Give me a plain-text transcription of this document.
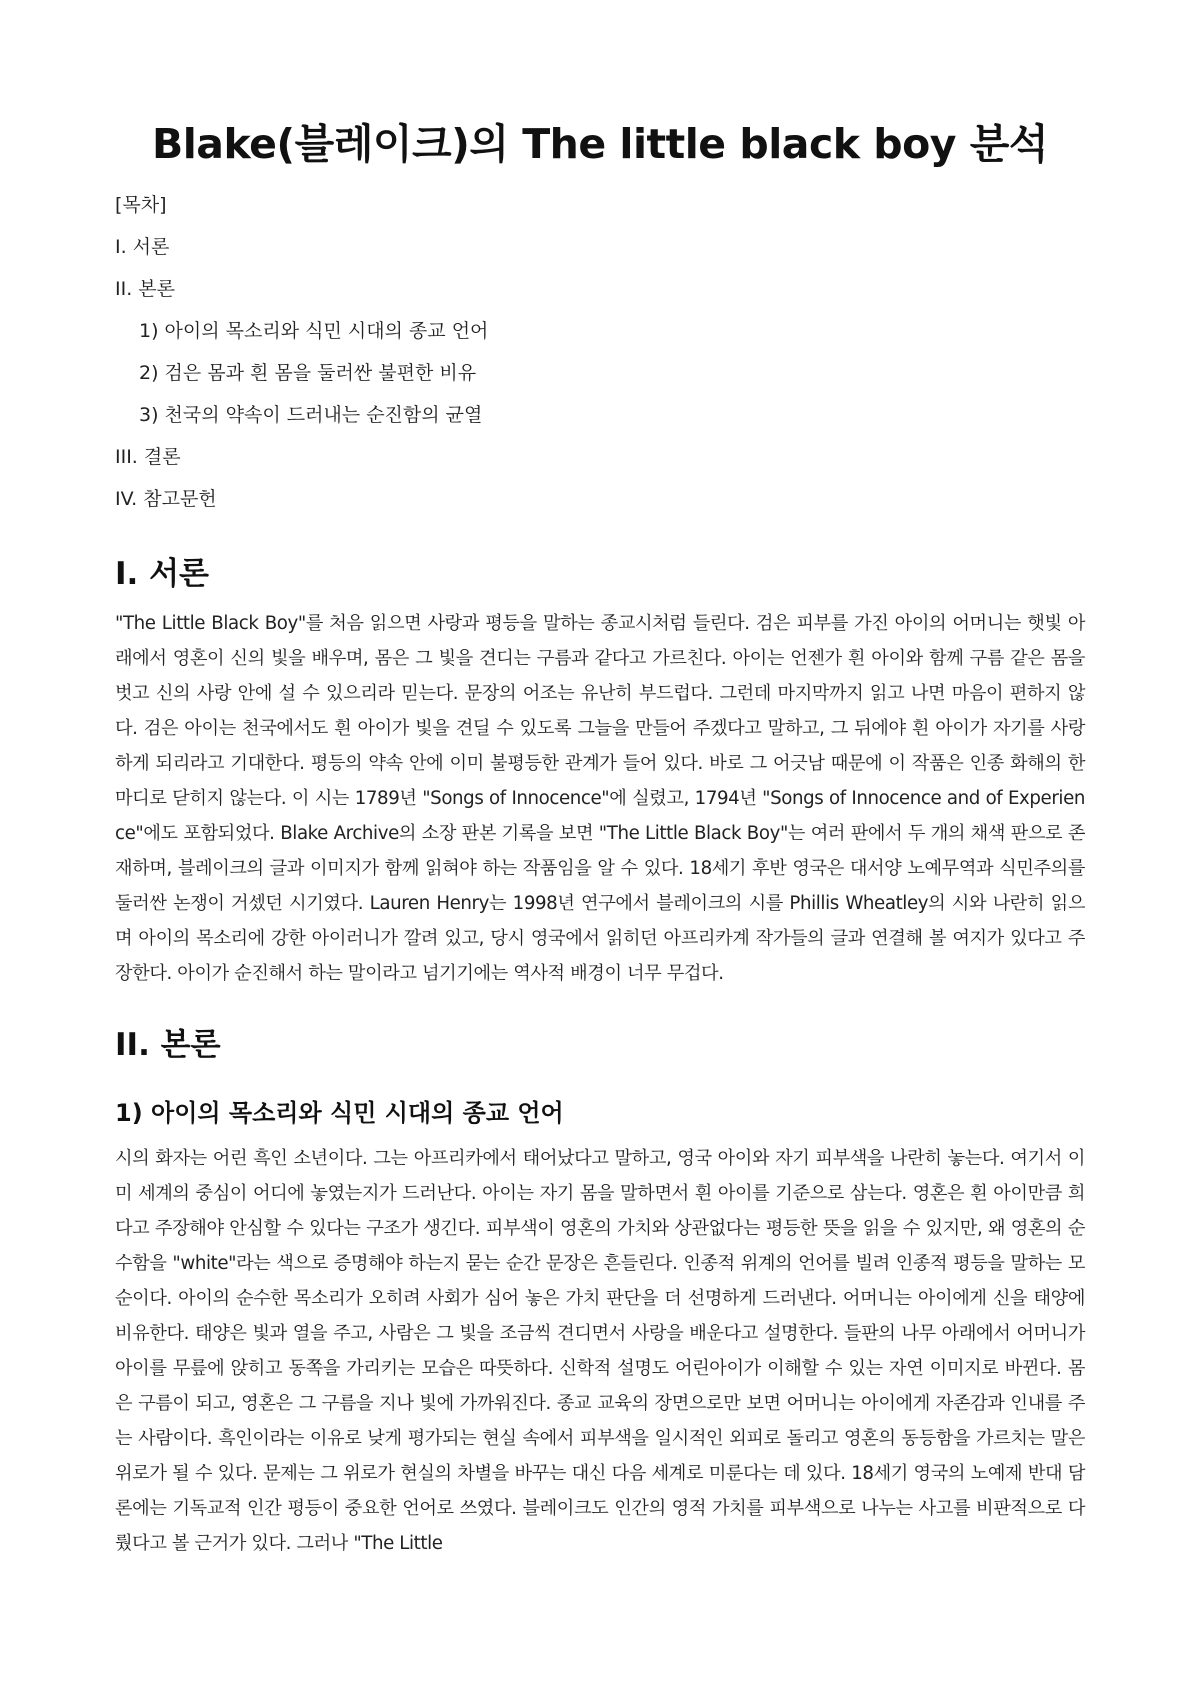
Blake(블레이크)의 The little black boy 분석
[목차]
I. 서론
II. 본론
1) 아이의 목소리와 식민 시대의 종교 언어
2) 검은 몸과 흰 몸을 둘러싼 불편한 비유
3) 천국의 약속이 드러내는 순진함의 균열
III. 결론
IV. 참고문헌
I. 서론

"The Little Black Boy"를 처음 읽으면 사랑과 평등을 말하는 종교시처럼 들린다. 검은 피부를 가진 아이의 어머니는 햇빛 아래에서 영혼이 신의 빛을 배우며, 몸은 그 빛을 견디는 구름과 같다고 가르친다. 아이는 언젠가 흰 아이와 함께 구름 같은 몸을 벗고 신의 사랑 안에 설 수 있으리라 믿는다. 문장의 어조는 유난히 부드럽다. 그런데 마지막까지 읽고 나면 마음이 편하지 않다. 검은 아이는 천국에서도 흰 아이가 빛을 견딜 수 있도록 그늘을 만들어 주겠다고 말하고, 그 뒤에야 흰 아이가 자기를 사랑하게 되리라고 기대한다. 평등의 약속 안에 이미 불평등한 관계가 들어 있다. 바로 그 어긋남 때문에 이 작품은 인종 화해의 한마디로 닫히지 않는다. 이 시는 1789년 "Songs of Innocence"에 실렸고, 1794년 "Songs of Innocence and of Experience"에도 포함되었다. Blake Archive의 소장 판본 기록을 보면 "The Little Black Boy"는 여러 판에서 두 개의 채색 판으로 존재하며, 블레이크의 글과 이미지가 함께 읽혀야 하는 작품임을 알 수 있다. 18세기 후반 영국은 대서양 노예무역과 식민주의를 둘러싼 논쟁이 거셌던 시기였다. Lauren Henry는 1998년 연구에서 블레이크의 시를 Phillis Wheatley의 시와 나란히 읽으며 아이의 목소리에 강한 아이러니가 깔려 있고, 당시 영국에서 읽히던 아프리카계 작가들의 글과 연결해 볼 여지가 있다고 주장한다. 아이가 순진해서 하는 말이라고 넘기기에는 역사적 배경이 너무 무겁다.

II. 본론
1) 아이의 목소리와 식민 시대의 종교 언어

시의 화자는 어린 흑인 소년이다. 그는 아프리카에서 태어났다고 말하고, 영국 아이와 자기 피부색을 나란히 놓는다. 여기서 이미 세계의 중심이 어디에 놓였는지가 드러난다. 아이는 자기 몸을 말하면서 흰 아이를 기준으로 삼는다. 영혼은 흰 아이만큼 희다고 주장해야 안심할 수 있다는 구조가 생긴다. 피부색이 영혼의 가치와 상관없다는 평등한 뜻을 읽을 수 있지만, 왜 영혼의 순수함을 "white"라는 색으로 증명해야 하는지 묻는 순간 문장은 흔들린다. 인종적 위계의 언어를 빌려 인종적 평등을 말하는 모순이다. 아이의 순수한 목소리가 오히려 사회가 심어 놓은 가치 판단을 더 선명하게 드러낸다. 어머니는 아이에게 신을 태양에 비유한다. 태양은 빛과 열을 주고, 사람은 그 빛을 조금씩 견디면서 사랑을 배운다고 설명한다. 들판의 나무 아래에서 어머니가 아이를 무릎에 앉히고 동쪽을 가리키는 모습은 따뜻하다. 신학적 설명도 어린아이가 이해할 수 있는 자연 이미지로 바뀐다. 몸은 구름이 되고, 영혼은 그 구름을 지나 빛에 가까워진다. 종교 교육의 장면으로만 보면 어머니는 아이에게 자존감과 인내를 주는 사람이다. 흑인이라는 이유로 낮게 평가되는 현실 속에서 피부색을 일시적인 외피로 돌리고 영혼의 동등함을 가르치는 말은 위로가 될 수 있다. 문제는 그 위로가 현실의 차별을 바꾸는 대신 다음 세계로 미룬다는 데 있다. 18세기 영국의 노예제 반대 담론에는 기독교적 인간 평등이 중요한 언어로 쓰였다. 블레이크도 인간의 영적 가치를 피부색으로 나누는 사고를 비판적으로 다뤘다고 볼 근거가 있다. 그러나 "The Little
